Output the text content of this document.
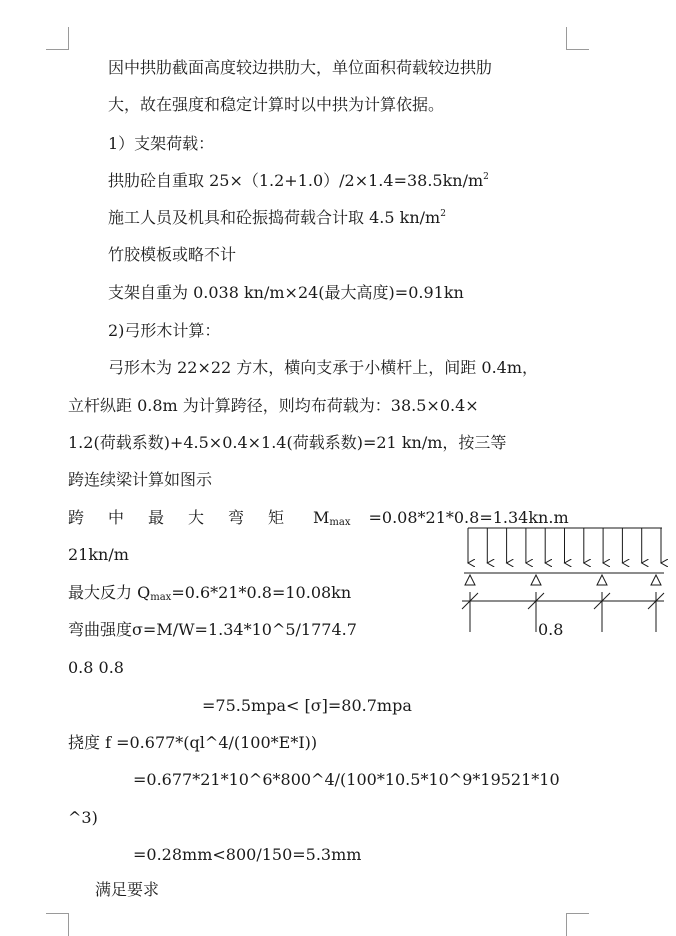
因中拱肋截面高度较边拱肋大，单位面积荷载较边拱肋
大，故在强度和稳定计算时以中拱为计算依据。
1）支架荷载：
拱肋砼自重取 $25\times(1.2+1.0)/2\times 1.4=38.5kn/m^2$
施工人员及机具和砼振捣荷载合计取 4.5 $kn/m^2$
竹胶模板或略不计
支架自重为 0.038 kn/m×24(最大高度)=0.91kn
2)弓形木计算：
弓形木为 22×22 方木，横向支承于小横杆上，间距 0.4m，
立杆纵距 0.8m 为计算跨径，则均布荷载为：38.5×0.4×
1.2(荷载系数)+4.5×0.4×1.4(荷载系数)=21 kn/m，按三等
跨连续梁计算如图示
跨 中 最 大 弯 矩 $M_{max} =0.08*21*0.8=1.34kn.m$
21kn/m
最大反力 $Q_{max}=0.6*21*0.8=10.08kn$
弯曲强度σ=M/W=1.34*10^5/1774.7
0.8 0.8
=75.5mpa< [σ]=80.7mpa
挠度 f =0.677*(ql^4/(100*E*I))
=0.677*21*10^6*800^4/(100*10.5*10^9*19521*10
^3)
=0.28mm<800/150=5.3mm
满足要求
0.8
